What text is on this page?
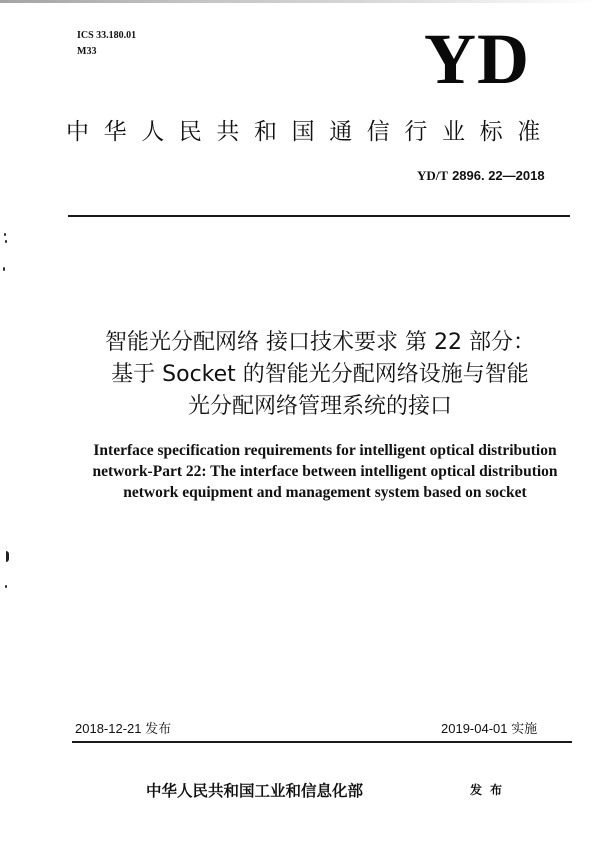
ICS 33.180.01
M33	YD
中华人民共和国通信行业标准
YD/T 2896. 22—2018
智能光分配网络 接口技术要求 第 22 部分：
基于 Socket 的智能光分配网络设施与智能
光分配网络管理系统的接口
Interface specification requirements for intelligent optical distribution
network-Part 22: The interface between intelligent optical distribution
network equipment and management system based on socket
2018-12-21 发布	2019-04-01 实施
中华人民共和国工业和信息化部	发布
